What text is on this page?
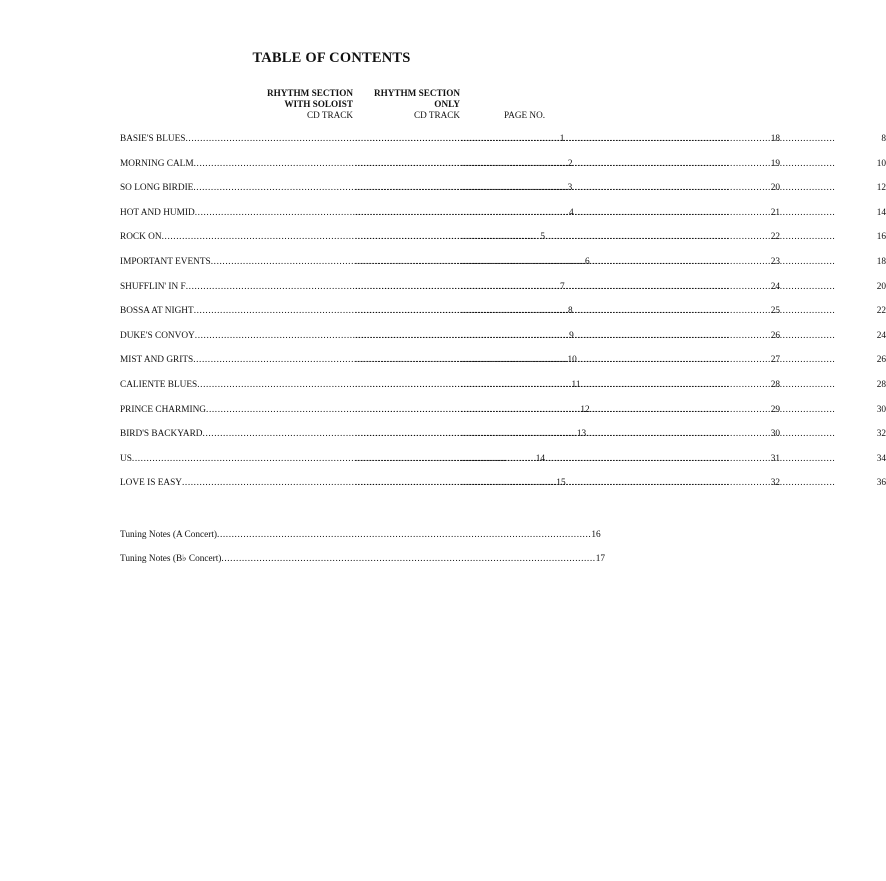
TABLE OF CONTENTS
RHYTHM SECTION
WITH SOLOIST
CD TRACK
RHYTHM SECTION
ONLY
CD TRACK	PAGE NO.
BASIE'S BLUES .....	1 .....	18 .....	8
MORNING CALM .....	2 .....	19 .....	10
SO LONG BIRDIE .....	3 .....	20 .....	12
HOT AND HUMID .....	4 .....	21 .....	14
ROCK ON .....	5 .....	22 .....	16
IMPORTANT EVENTS .....	6 .....	23 .....	18
SHUFFLIN' IN F .....	7 .....	24 .....	20
BOSSA AT NIGHT .....	8 .....	25 .....	22
DUKE'S CONVOY .....	9 .....	26 .....	24
MIST AND GRITS .....	10 .....	27 .....	26
CALIENTE BLUES .....	11 .....	28 .....	28
PRINCE CHARMING .....	12 .....	29 .....	30
BIRD'S BACKYARD .....	13 .....	30 .....	32
US .....	14 .....	31 .....	34
LOVE IS EASY .....	15 .....	32 .....	36
Tuning Notes (A Concert) .....	16
Tuning Notes (B♭ Concert) .....	17
